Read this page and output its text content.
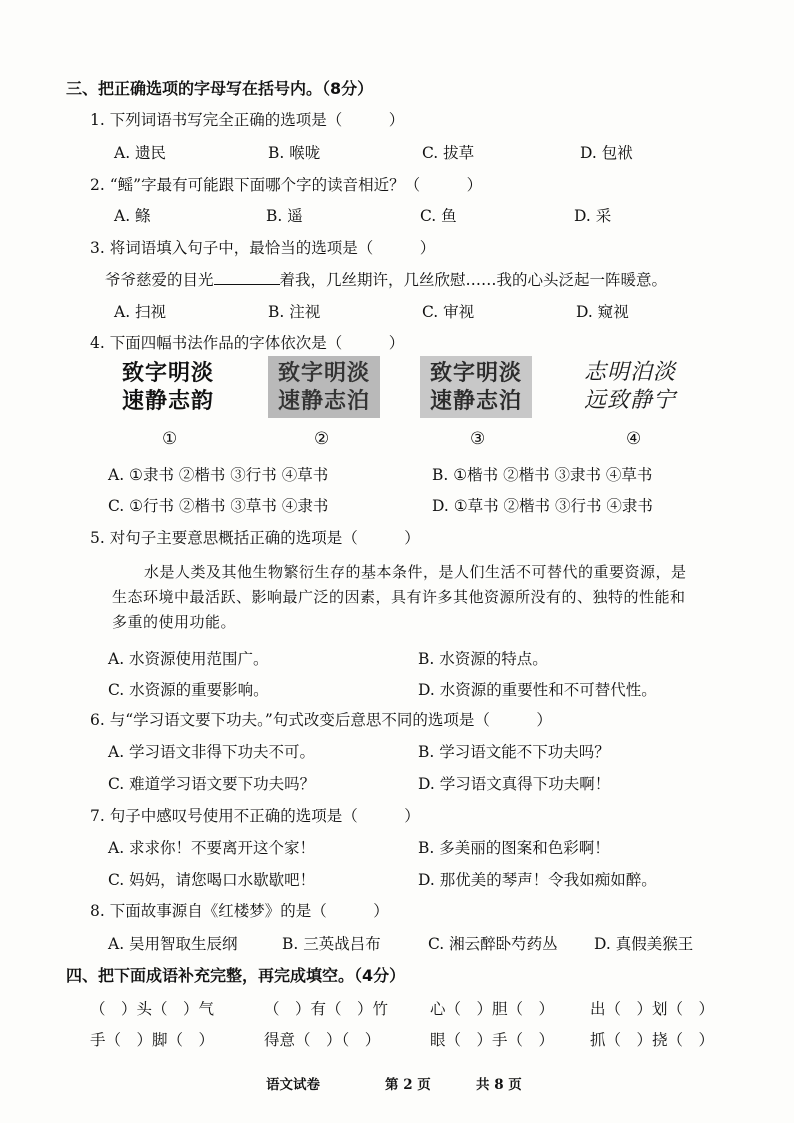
三、把正确选项的字母写在括号内。（8分）
1. 下列词语书写完全正确的选项是（　　　）
A. 遗民	B. 喉咙	C. 拔草	D. 包袱
2. “鳐”字最有可能跟下面哪个字的读音相近？（　　　）
A. 鲦	B. 遥	C. 鱼	D. 采
3. 将词语填入句子中，最恰当的选项是（　　　）
爷爷慈爱的目光	着我，几丝期许，几丝欣慰……我的心头泛起一阵暖意。
A. 扫视	B. 注视	C. 审视	D. 窥视
4. 下面四幅书法作品的字体依次是（　　　）
致字明淡
速静志韵
致字明淡
速静志泊
致字明淡
速静志泊
志明泊淡
远致静宁
①	②	③	④
A. ①隶书 ②楷书 ③行书 ④草书	B. ①楷书 ②楷书 ③隶书 ④草书
C. ①行书 ②楷书 ③草书 ④隶书	D. ①草书 ②楷书 ③行书 ④隶书
5. 对句子主要意思概括正确的选项是（　　　）
水是人类及其他生物繁衍生存的基本条件，是人们生活不可替代的重要资源，是
生态环境中最活跃、影响最广泛的因素，具有许多其他资源所没有的、独特的性能和
多重的使用功能。
A. 水资源使用范围广。	B. 水资源的特点。
C. 水资源的重要影响。	D. 水资源的重要性和不可替代性。
6. 与“学习语文要下功夫。”句式改变后意思不同的选项是（　　　）
A. 学习语文非得下功夫不可。	B. 学习语文能不下功夫吗？
C. 难道学习语文要下功夫吗？	D. 学习语文真得下功夫啊！
7. 句子中感叹号使用不正确的选项是（　　　）
A. 求求你！不要离开这个家！	B. 多美丽的图案和色彩啊！
C. 妈妈，请您喝口水歇歇吧！	D. 那优美的琴声！令我如痴如醉。
8. 下面故事源自《红楼梦》的是（　　　）
A. 吴用智取生辰纲	B. 三英战吕布	C. 湘云醉卧芍药丛 D. 真假美猴王
四、把下面成语补充完整，再完成填空。（4分）
（　）头（　）气	（　）有（　）竹	心（　）胆（　） 出（　）划（　）
手（　）脚（　）	得意（　）（　）	眼（　）手（　） 抓（　）挠（　）
语文试卷	第 2 页	共 8 页
